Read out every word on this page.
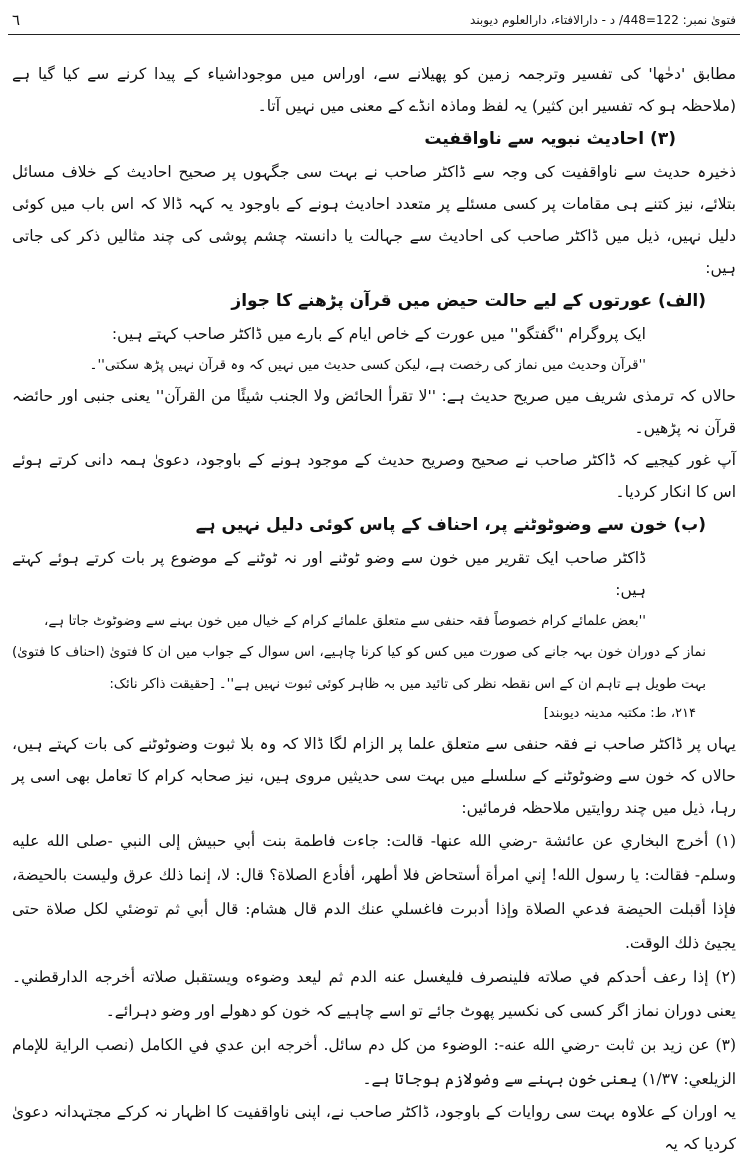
٦	فتویٰ نمبر: 122=448/ د - دارالافتاء، دارالعلوم دیوبند

مطابق 'دحٰھا' کی تفسیر وترجمہ زمین کو پھیلانے سے، اوراس میں موجوداشیاء کے پیدا کرنے سے کیا گیا ہے (ملاحظہ ہو کہ تفسیر ابن کثیر) یہ لفظ وماذہ انڈے کے معنی میں نہیں آتا۔

(۳) احادیث نبویہ سے ناواقفیت

ذخیرہ حدیث سے ناواقفیت کی وجہ سے ڈاکٹر صاحب نے بہت سی جگہوں پر صحیح احادیث کے خلاف مسائل بتلائے، نیز کتنے ہی مقامات پر کسی مسئلے پر متعدد احادیث ہونے کے باوجود یہ کہہ ڈالا کہ اس باب میں کوئی دلیل نہیں، ذیل میں ڈاکٹر صاحب کی احادیث سے جہالت یا دانستہ چشم پوشی کی چند مثالیں ذکر کی جاتی ہیں:

(الف) عورتوں کے لیے حالت حیض میں قرآن پڑھنے کا جواز

ایک پروگرام ''گفتگو'' میں عورت کے خاص ایام کے بارے میں ڈاکٹر صاحب کہتے ہیں:

''قرآن وحدیث میں نماز کی رخصت ہے، لیکن کسی حدیث میں نہیں کہ وہ قرآن نہیں پڑھ سکتی''۔

حالاں کہ ترمذی شریف میں صریح حدیث ہے: ''لا تقرأ الحائض ولا الجنب شيئًا من القرآن'' یعنی جنبی اور حائضہ قرآن نہ پڑھیں۔

آپ غور کیجیے کہ ڈاکٹر صاحب نے صحیح وصریح حدیث کے موجود ہونے کے باوجود، دعویٰ ہمہ دانی کرتے ہوئے اس کا انکار کردیا۔

(ب) خون سے وضوٹوٹنے پر، احناف کے پاس کوئی دلیل نہیں ہے

ڈاکٹر صاحب ایک تقریر میں خون سے وضو ٹوٹنے اور نہ ٹوٹنے کے موضوع پر بات کرتے ہوئے کہتے ہیں:

''بعض علمائے کرام خصوصاً فقہ حنفی سے متعلق علمائے کرام کے خیال میں خون بہنے سے وضوٹوٹ جاتا ہے،

نماز کے دوران خون بہہ جانے کی صورت میں کس کو کیا کرنا چاہیے، اس سوال کے جواب میں ان کا فتویٰ (احناف کا فتویٰ) بہت طویل ہے تاہم ان کے اس نقطہ نظر کی تائید میں بہ ظاہر کوئی ثبوت نہیں ہے''۔ [حقیقت ذاکر نائک:

۲۱۴، ط: مکتبہ مدینہ دیوبند]

یہاں پر ڈاکٹر صاحب نے فقہ حنفی سے متعلق علما پر الزام لگا ڈالا کہ وہ بلا ثبوت وضوٹوٹنے کی بات کہتے ہیں، حالاں کہ خون سے وضوٹوٹنے کے سلسلے میں بہت سی حدیثیں مروی ہیں، نیز صحابہ کرام کا تعامل بھی اسی پر رہا، ذیل میں چند روایتیں ملاحظہ فرمائیں:

(۱) أخرج البخاري عن عائشة -رضي الله عنها- قالت: جاءت فاطمة بنت أبي حبيش إلى النبي -صلى الله عليه وسلم- فقالت: يا رسول الله! إني امرأة أستحاض فلا أطهر، أفأدع الصلاة؟ قال: لا، إنما ذلك عرق وليست بالحيضة، فإذا أقبلت الحيضة فدعي الصلاة وإذا أدبرت فاغسلي عنك الدم قال هشام: قال أبي ثم توضئي لكل صلاة حتى يجيئ ذلك الوقت.

(۲) إذا رعف أحدكم في صلاته فلينصرف فليغسل عنه الدم ثم ليعد وضوءه ويستقبل صلاته أخرجه الدارقطني۔ یعنی دوران نماز اگر کسی کی نکسیر پھوٹ جائے تو اسے چاہیے کہ خون کو دھولے اور وضو دہرائے۔

(۳) عن زيد بن ثابت -رضي الله عنه-: الوضوء من كل دم سائل. أخرجه ابن عدي في الكامل (نصب الراية للإمام الزيلعي: ۱/۳۷) یعنی خون بہنے سے وضولازم ہوجاتا ہے۔

یہ اوران کے علاوہ بہت سی روایات کے باوجود، ڈاکٹر صاحب نے، اپنی ناواقفیت کا اظہار نہ کرکے مجتہدانہ دعویٰ کردیا کہ یہ
